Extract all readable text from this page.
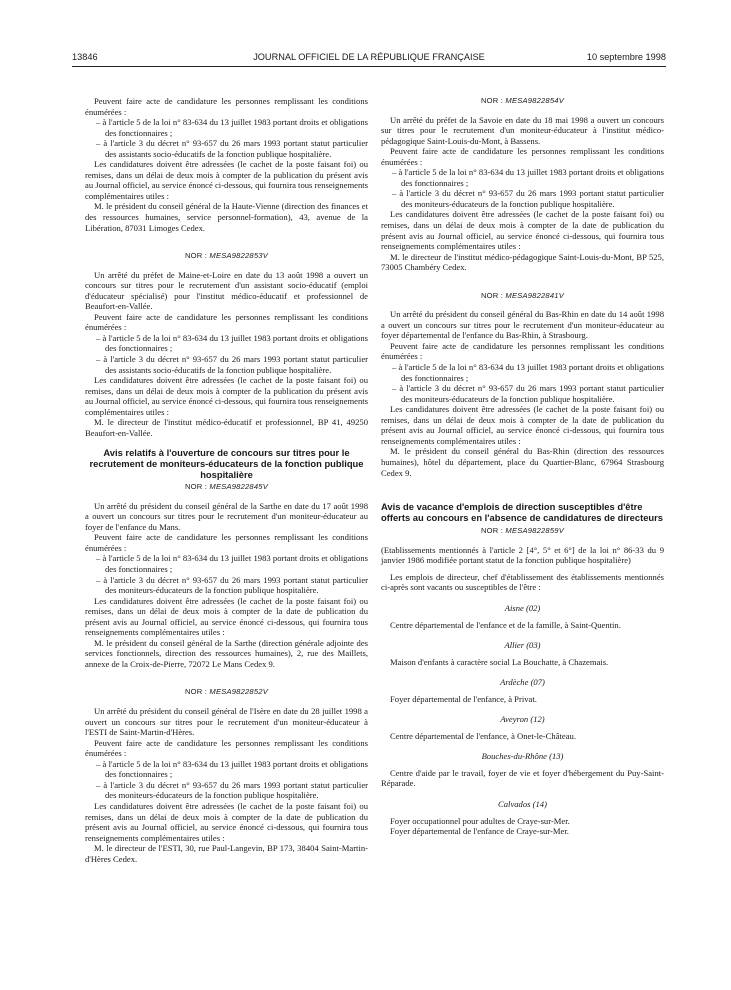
13846	JOURNAL OFFICIEL DE LA RÉPUBLIQUE FRANÇAISE	10 septembre 1998

Peuvent faire acte de candidature les personnes remplissant les conditions énumérées :

– à l'article 5 de la loi n° 83-634 du 13 juillet 1983 portant droits et obligations des fonctionnaires ;
– à l'article 3 du décret n° 93-657 du 26 mars 1993 portant statut particulier des assistants socio-éducatifs de la fonction publique hospitalière.

Les candidatures doivent être adressées (le cachet de la poste faisant foi) ou remises, dans un délai de deux mois à compter de la publication du présent avis au Journal officiel, au service énoncé ci-dessous, qui fournira tous renseignements complémentaires utiles :

M. le président du conseil général de la Haute-Vienne (direction des finances et des ressources humaines, service personnel-formation), 43, avenue de la Libération, 87031 Limoges Cedex.

NOR : MESA9822853V

Un arrêté du préfet de Maine-et-Loire en date du 13 août 1998 a ouvert un concours sur titres pour le recrutement d'un assistant socio-éducatif (emploi d'éducateur spécialisé) pour l'institut médico-éducatif et professionnel de Beaufort-en-Vallée.

Peuvent faire acte de candidature les personnes remplissant les conditions énumérées :

– à l'article 5 de la loi n° 83-634 du 13 juillet 1983 portant droits et obligations des fonctionnaires ;
– à l'article 3 du décret n° 93-657 du 26 mars 1993 portant statut particulier des assistants socio-éducatifs de la fonction publique hospitalière.

Les candidatures doivent être adressées (le cachet de la poste faisant foi) ou remises, dans un délai de deux mois à compter de la publication du présent avis au Journal officiel, au service énoncé ci-dessous, qui fournira tous renseignements complémentaires utiles :

M. le directeur de l'institut médico-éducatif et professionnel, BP 41, 49250 Beaufort-en-Vallée.

Avis relatifs à l'ouverture de concours sur titres pour le recrutement de moniteurs-éducateurs de la fonction publique hospitalière

NOR : MESA9822845V

Un arrêté du président du conseil général de la Sarthe en date du 17 août 1998 a ouvert un concours sur titres pour le recrutement d'un moniteur-éducateur au foyer de l'enfance du Mans.

Peuvent faire acte de candidature les personnes remplissant les conditions énumérées :

– à l'article 5 de la loi n° 83-634 du 13 juillet 1983 portant droits et obligations des fonctionnaires ;
– à l'article 3 du décret n° 93-657 du 26 mars 1993 portant statut particulier des moniteurs-éducateurs de la fonction publique hospitalière.

Les candidatures doivent être adressées (le cachet de la poste faisant foi) ou remises, dans un délai de deux mois à compter de la date de publication du présent avis au Journal officiel, au service énoncé ci-dessous, qui fournira tous renseignements complémentaires utiles :

M. le président du conseil général de la Sarthe (direction générale adjointe des services fonctionnels, direction des ressources humaines), 2, rue des Maillets, annexe de la Croix-de-Pierre, 72072 Le Mans Cedex 9.

NOR : MESA9822852V

Un arrêté du président du conseil général de l'Isère en date du 28 juillet 1998 a ouvert un concours sur titres pour le recrutement d'un moniteur-éducateur à l'ESTI de Saint-Martin-d'Hères.

Peuvent faire acte de candidature les personnes remplissant les conditions énumérées :

– à l'article 5 de la loi n° 83-634 du 13 juillet 1983 portant droits et obligations des fonctionnaires ;
– à l'article 3 du décret n° 93-657 du 26 mars 1993 portant statut particulier des moniteurs-éducateurs de la fonction publique hospitalière.

Les candidatures doivent être adressées (le cachet de la poste faisant foi) ou remises, dans un délai de deux mois à compter de la date de publication du présent avis au Journal officiel, au service énoncé ci-dessous, qui fournira tous renseignements complémentaires utiles :

M. le directeur de l'ESTI, 30, rue Paul-Langevin, BP 173, 38404 Saint-Martin-d'Hères Cedex.

NOR : MESA9822854V

Un arrêté du préfet de la Savoie en date du 18 mai 1998 a ouvert un concours sur titres pour le recrutement d'un moniteur-éducateur à l'institut médico-pédagogique Saint-Louis-du-Mont, à Bassens.

Peuvent faire acte de candidature les personnes remplissant les conditions énumérées :

– à l'article 5 de la loi n° 83-634 du 13 juillet 1983 portant droits et obligations des fonctionnaires ;
– à l'article 3 du décret n° 93-657 du 26 mars 1993 portant statut particulier des moniteurs-éducateurs de la fonction publique hospitalière.

Les candidatures doivent être adressées (le cachet de la poste faisant foi) ou remises, dans un délai de deux mois à compter de la date de publication du présent avis au Journal officiel, au service énoncé ci-dessous, qui fournira tous renseignements complémentaires utiles :

M. le directeur de l'institut médico-pédagogique Saint-Louis-du-Mont, BP 525, 73005 Chambéry Cedex.

NOR : MESA9822841V

Un arrêté du président du conseil général du Bas-Rhin en date du 14 août 1998 a ouvert un concours sur titres pour le recrutement d'un moniteur-éducateur au foyer départemental de l'enfance du Bas-Rhin, à Strasbourg.

Peuvent faire acte de candidature les personnes remplissant les conditions énumérées :

– à l'article 5 de la loi n° 83-634 du 13 juillet 1983 portant droits et obligations des fonctionnaires ;
– à l'article 3 du décret n° 93-657 du 26 mars 1993 portant statut particulier des moniteurs-éducateurs de la fonction publique hospitalière.

Les candidatures doivent être adressées (le cachet de la poste faisant foi) ou remises, dans un délai de deux mois à compter de la date de publication du présent avis au Journal officiel, au service énoncé ci-dessous, qui fournira tous renseignements complémentaires utiles :

M. le président du conseil général du Bas-Rhin (direction des ressources humaines), hôtel du département, place du Quartier-Blanc, 67964 Strasbourg Cedex 9.

Avis de vacance d'emplois de direction susceptibles d'être offerts au concours en l'absence de candidatures de directeurs

NOR : MESA9822859V

(Etablissements mentionnés à l'article 2 [4°, 5° et 6°] de la loi n° 86-33 du 9 janvier 1986 modifiée portant statut de la fonction publique hospitalière)

Les emplois de directeur, chef d'établissement des établissements mentionnés ci-après sont vacants ou susceptibles de l'être :

Aisne (02)

Centre départemental de l'enfance et de la famille, à Saint-Quentin.

Allier (03)

Maison d'enfants à caractère social La Bouchatte, à Chazemais.

Ardèche (07)

Foyer départemental de l'enfance, à Privat.

Aveyron (12)

Centre départemental de l'enfance, à Onet-le-Château.

Bouches-du-Rhône (13)

Centre d'aide par le travail, foyer de vie et foyer d'hébergement du Puy-Saint-Réparade.

Calvados (14)

Foyer occupationnel pour adultes de Craye-sur-Mer.

Foyer départemental de l'enfance de Craye-sur-Mer.
